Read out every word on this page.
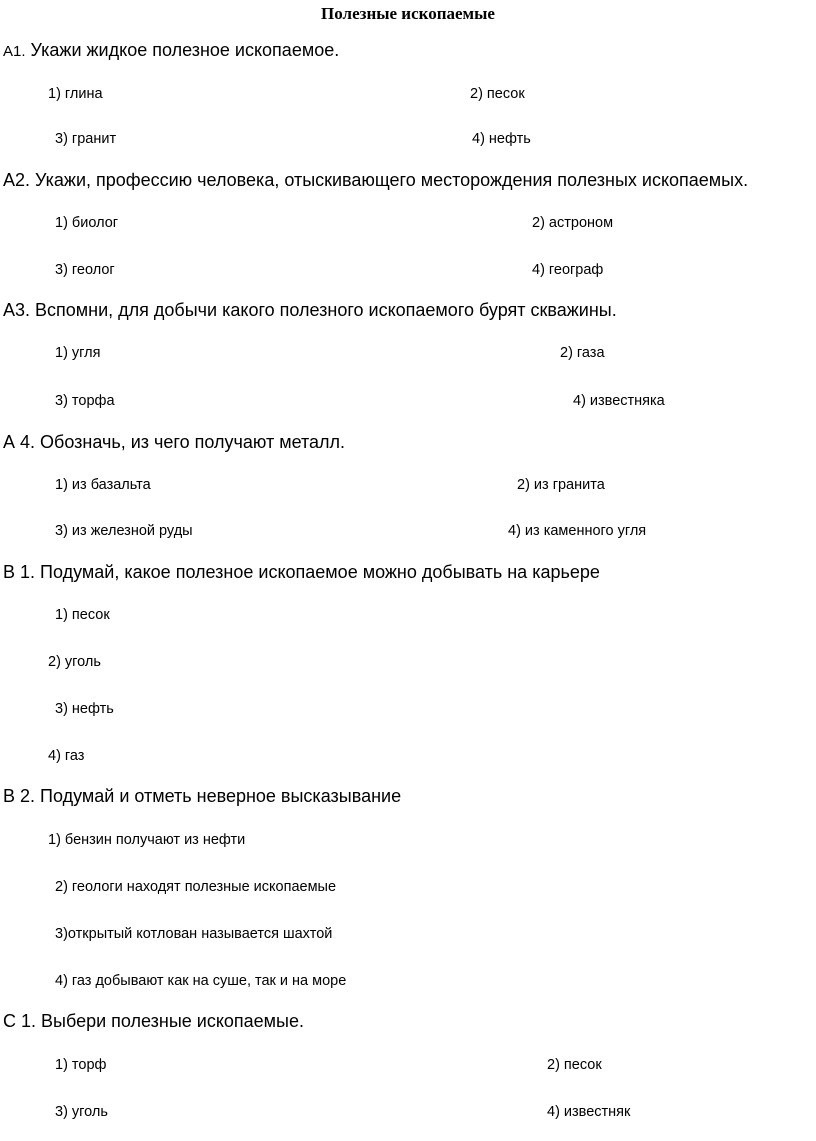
Полезные ископаемые
А1. Укажи жидкое полезное ископаемое.
1) глина	2) песок
3) гранит	4) нефть
А2. Укажи, профессию человека, отыскивающего месторождения полезных ископаемых.
1) биолог	2) астроном
3) геолог	4) географ
А3. Вспомни, для добычи какого полезного ископаемого бурят скважины.
1) угля	2) газа
3) торфа	4) известняка
А 4. Обозначь, из чего получают металл.
1) из базальта	2) из гранита
3) из железной руды	4) из каменного угля
В 1. Подумай, какое полезное ископаемое можно добывать на карьере
1) песок
2) уголь
3) нефть
4) газ
В 2. Подумай и отметь неверное высказывание
1) бензин получают из нефти
2) геологи находят полезные ископаемые
3)открытый котлован называется шахтой
4) газ добывают как на суше, так и на море
С 1. Выбери полезные ископаемые.
1) торф	2) песок
3) уголь	4) известняк
